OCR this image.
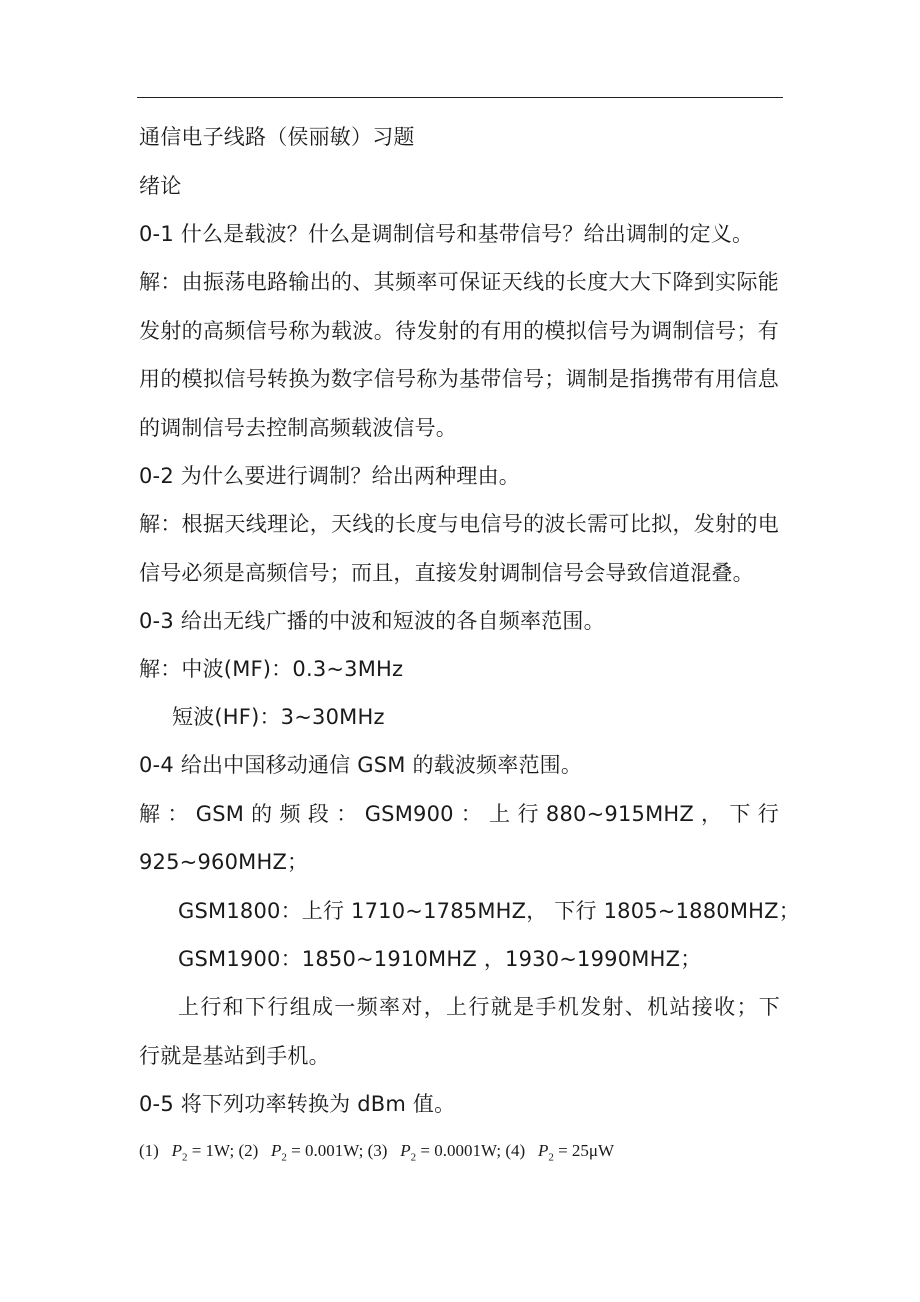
通信电子线路（侯丽敏）习题
绪论
0-1 什么是载波？什么是调制信号和基带信号？给出调制的定义。
解：由振荡电路输出的、其频率可保证天线的长度大大下降到实际能
发射的高频信号称为载波。待发射的有用的模拟信号为调制信号；有
用的模拟信号转换为数字信号称为基带信号；调制是指携带有用信息
的调制信号去控制高频载波信号。
0-2 为什么要进行调制？给出两种理由。
解：根据天线理论，天线的长度与电信号的波长需可比拟，发射的电
信号必须是高频信号；而且，直接发射调制信号会导致信道混叠。
0-3 给出无线广播的中波和短波的各自频率范围。
解：中波(MF)：0.3~3MHz
短波(HF)：3~30MHz
0-4 给出中国移动通信 GSM 的载波频率范围。
解 ： GSM 的 频 段 ： GSM900 ： 上 行 880~915MHZ ， 下 行
925~960MHZ；
GSM1800：上行 1710~1785MHZ， 下行 1805~1880MHZ；
GSM1900：1850~1910MHZ ，1930~1990MHZ；
上行和下行组成一频率对，上行就是手机发射、机站接收；下
行就是基站到手机。
0-5 将下列功率转换为 dBm 值。
(1) $P_2 = 1W$; (2) $P_2 = 0.001W$; (3) $P_2 = 0.0001W$; (4) $P_2 = 25\mu W$
